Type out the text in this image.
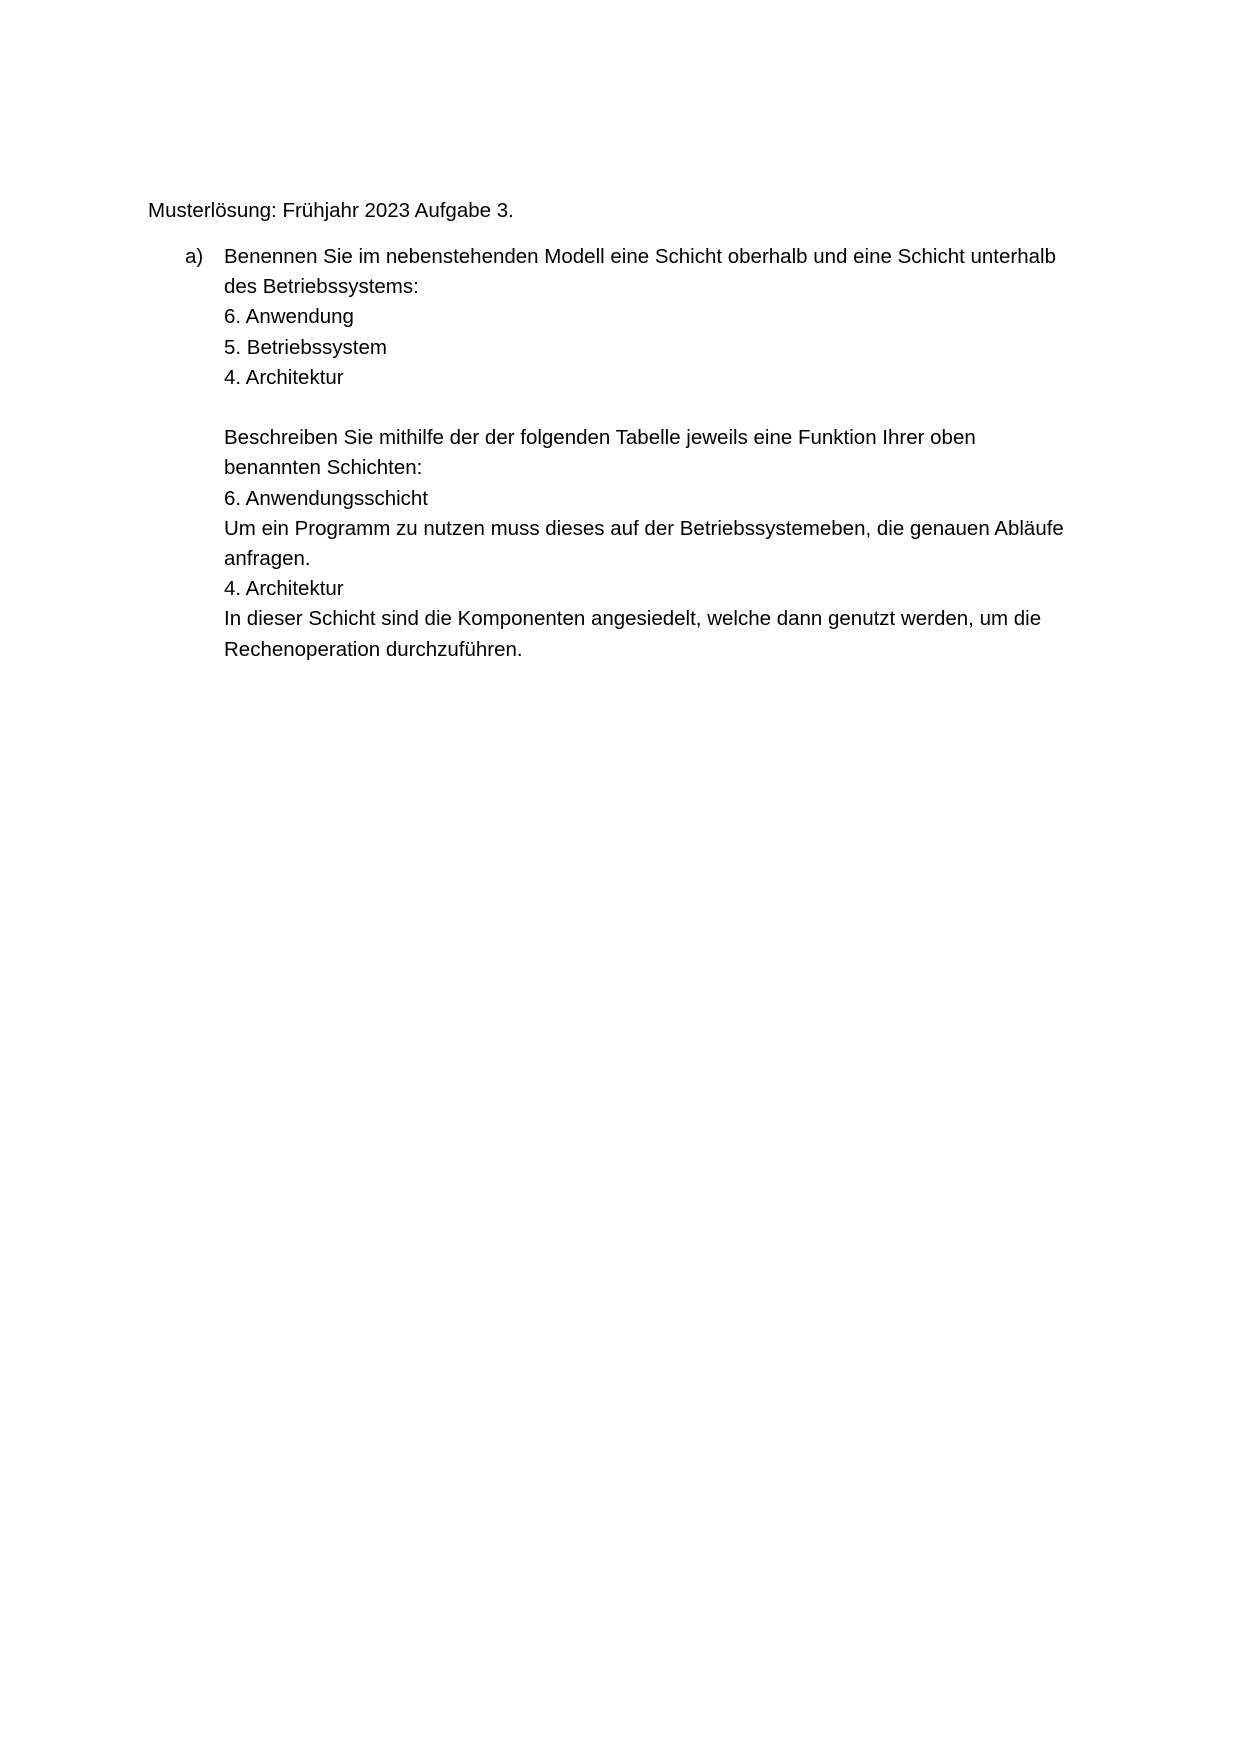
Musterlösung: Frühjahr 2023 Aufgabe 3.
a) Benennen Sie im nebenstehenden Modell eine Schicht oberhalb und eine Schicht unterhalb
des Betriebssystems:
6. Anwendung
5. Betriebssystem
4. Architektur
Beschreiben Sie mithilfe der der folgenden Tabelle jeweils eine Funktion Ihrer oben
benannten Schichten:
6. Anwendungsschicht
Um ein Programm zu nutzen muss dieses auf der Betriebssystemeben, die genauen Abläufe
anfragen.
4. Architektur
In dieser Schicht sind die Komponenten angesiedelt, welche dann genutzt werden, um die
Rechenoperation durchzuführen.
